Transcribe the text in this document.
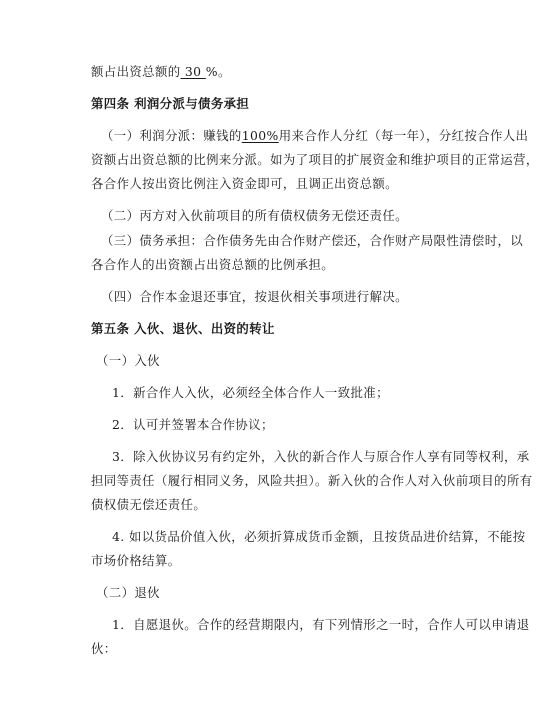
额占出资总额的 30 %。
第四条 利润分派与债务承担
（一）利润分派：赚钱的100%用来合作人分红（每一年），分红按合作人出
资额占出资总额的比例来分派。如为了项目的扩展资金和维护项目的正常运营，
各合作人按出资比例注入资金即可，且调正出资总额。
（二）丙方对入伙前项目的所有债权债务无偿还责任。
（三）债务承担：合作债务先由合作财产偿还，合作财产局限性清偿时，以
各合作人的出资额占出资总额的比例承担。
（四）合作本金退还事宜，按退伙相关事项进行解决。
第五条 入伙、退伙、出资的转让
（一）入伙
1．新合作人入伙，必须经全体合作人一致批准；
2．认可并签署本合作协议；
3．除入伙协议另有约定外，入伙的新合作人与原合作人享有同等权利，承
担同等责任（履行相同义务，风险共担）。新入伙的合作人对入伙前项目的所有
债权债无偿还责任。
4. 如以货品价值入伙，必须折算成货币金额，且按货品进价结算，不能按
市场价格结算。
（二）退伙
1．自愿退伙。合作的经营期限内，有下列情形之一时，合作人可以申请退
伙：
